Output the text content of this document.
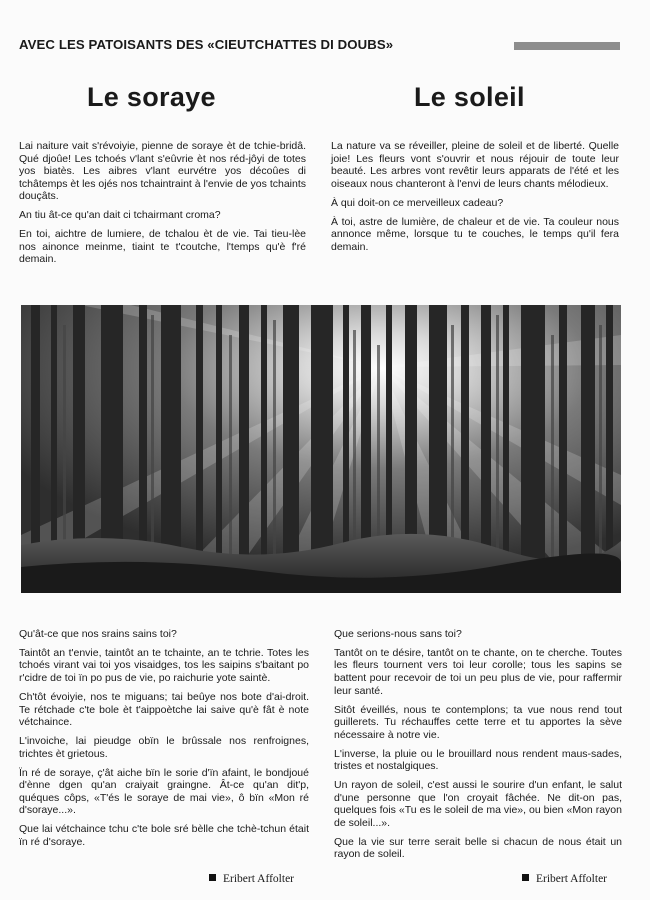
AVEC LES PATOISANTS DES «CIEUTCHATTES DI DOUBS»
Le soraye	Le soleil

Lai naiture vait s'révoiyie, pienne de soraye èt de tchie-bridâ. Qué djoûe! Les tchoés v'lant s'eûvrie èt nos réd-jôyi de totes yos biatès. Les aibres v'lant eurvétre yos décoûes di tchâtemps èt les ojés nos tchaintraint à l'envie de yos tchaints douçâts.

An tiu ât-ce qu'an dait ci tchairmant croma?

En toi, aichtre de lumiere, de tchalou èt de vie. Tai tieu-lèe nos ainonce meinme, tiaint te t'coutche, l'temps qu'è f'ré demain.

La nature va se réveiller, pleine de soleil et de liberté. Quelle joie! Les fleurs vont s'ouvrir et nous réjouir de toute leur beauté. Les arbres vont revêtir leurs apparats de l'été et les oiseaux nous chanteront à l'envi de leurs chants mélodieux.

À qui doit-on ce merveilleux cadeau?

À toi, astre de lumière, de chaleur et de vie. Ta couleur nous annonce même, lorsque tu te couches, le temps qu'il fera demain.

Qu'ât-ce que nos srains sains toi?

Taintôt an t'envie, taintôt an te tchainte, an te tchrie. Totes les tchoés virant vai toi yos visaidges, tos les saipins s'baitant po r'cidre de toi ïn po pus de vie, po raichurie yote saintè.

Ch'tôt évoiyie, nos te miguans; tai beûye nos bote d'ai-droit. Te rétchade c'te bole èt t'aippoètche lai saive qu'è fât è note vétchaince.

L'invoiche, lai pieudge obïn le brûssale nos renfroignes, trichtes èt grietous.

Ïn ré de soraye, ç'ât aiche bïn le sorie d'ïn afaint, le bondjoué d'ènne dgen qu'an craiyait graingne. Ât-ce qu'an dit'p, quéques côps, «T'és le soraye de mai vie», ô bïn «Mon ré d'soraye...».

Que lai vétchaince tchu c'te bole sré bèlle che tchè-tchun était ïn ré d'soraye.

Que serions-nous sans toi?

Tantôt on te désire, tantôt on te chante, on te cherche. Toutes les fleurs tournent vers toi leur corolle; tous les sapins se battent pour recevoir de toi un peu plus de vie, pour raffermir leur santé.

Sitôt éveillés, nous te contemplons; ta vue nous rend tout guillerets. Tu réchauffes cette terre et tu apportes la sève nécessaire à notre vie.

L'inverse, la pluie ou le brouillard nous rendent maus-sades, tristes et nostalgiques.

Un rayon de soleil, c'est aussi le sourire d'un enfant, le salut d'une personne que l'on croyait fâchée. Ne dit-on pas, quelques fois «Tu es le soleil de ma vie», ou bien «Mon rayon de soleil...».

Que la vie sur terre serait belle si chacun de nous était un rayon de soleil.

Eribert Affolter	Eribert Affolter
